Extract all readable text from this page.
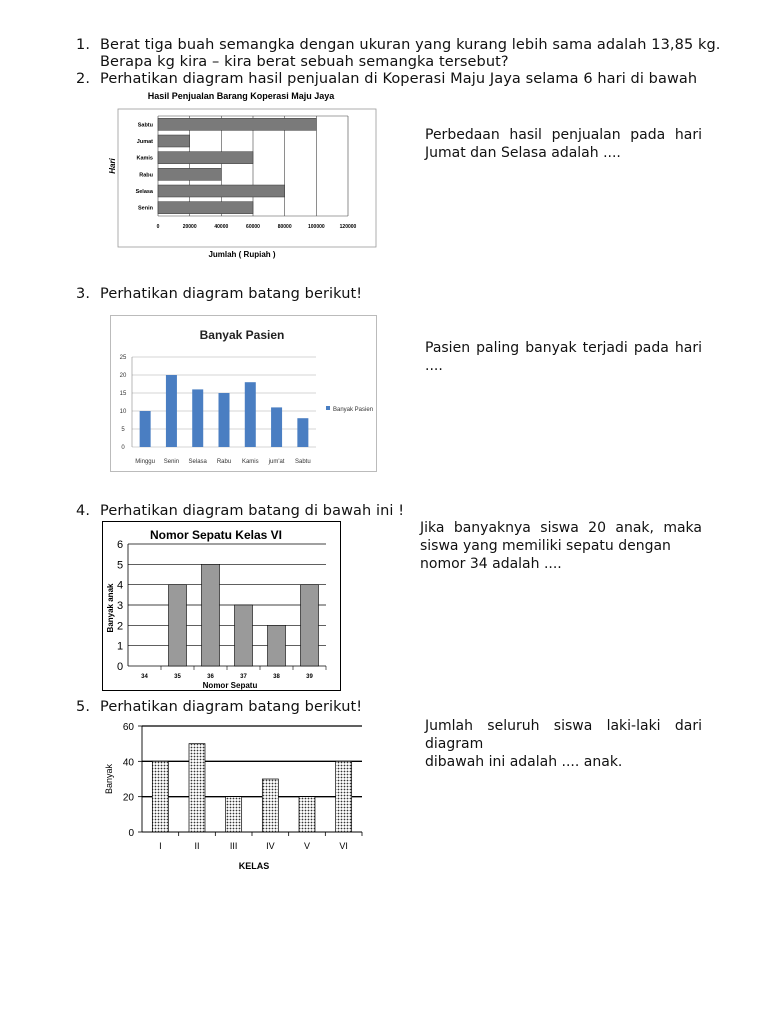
1. Berat tiga buah semangka dengan ukuran yang kurang lebih sama adalah 13,85 kg.
Berapa kg kira – kira berat sebuah semangka tersebut?
2. Perhatikan diagram hasil penjualan di Koperasi Maju Jaya selama 6 hari di bawah
Hasil Penjualan Barang Koperasi Maju Jaya
Hari
Senin
Selasa
Rabu
Kamis
Jumat
Sabtu
0	20000	40000	60000	80000	100000	120000
Jumlah ( Rupiah )
Perbedaan hasil penjualan pada hari
Jumat dan Selasa adalah ....
3. Perhatikan diagram batang berikut!
Banyak Pasien
Minggu Senin Selasa Rabu Kamis jum'at Sabtu
0
5
10
15
20
25
Banyak Pasien
Pasien paling banyak terjadi pada hari
....
4. Perhatikan diagram batang di bawah ini !
Nomor Sepatu Kelas VI
Banyak anak
34	35	36	37	38	39
0
1
2
3
4
5
6
Nomor Sepatu
Jika banyaknya siswa 20 anak, maka
siswa yang memiliki sepatu dengan
nomor 34 adalah ....
5. Perhatikan diagram batang berikut!
Banyak
I	II	III	IV	V	VI
0
20
40
60
KELAS
Jumlah seluruh siswa laki-laki dari
diagram
dibawah ini adalah .... anak.
